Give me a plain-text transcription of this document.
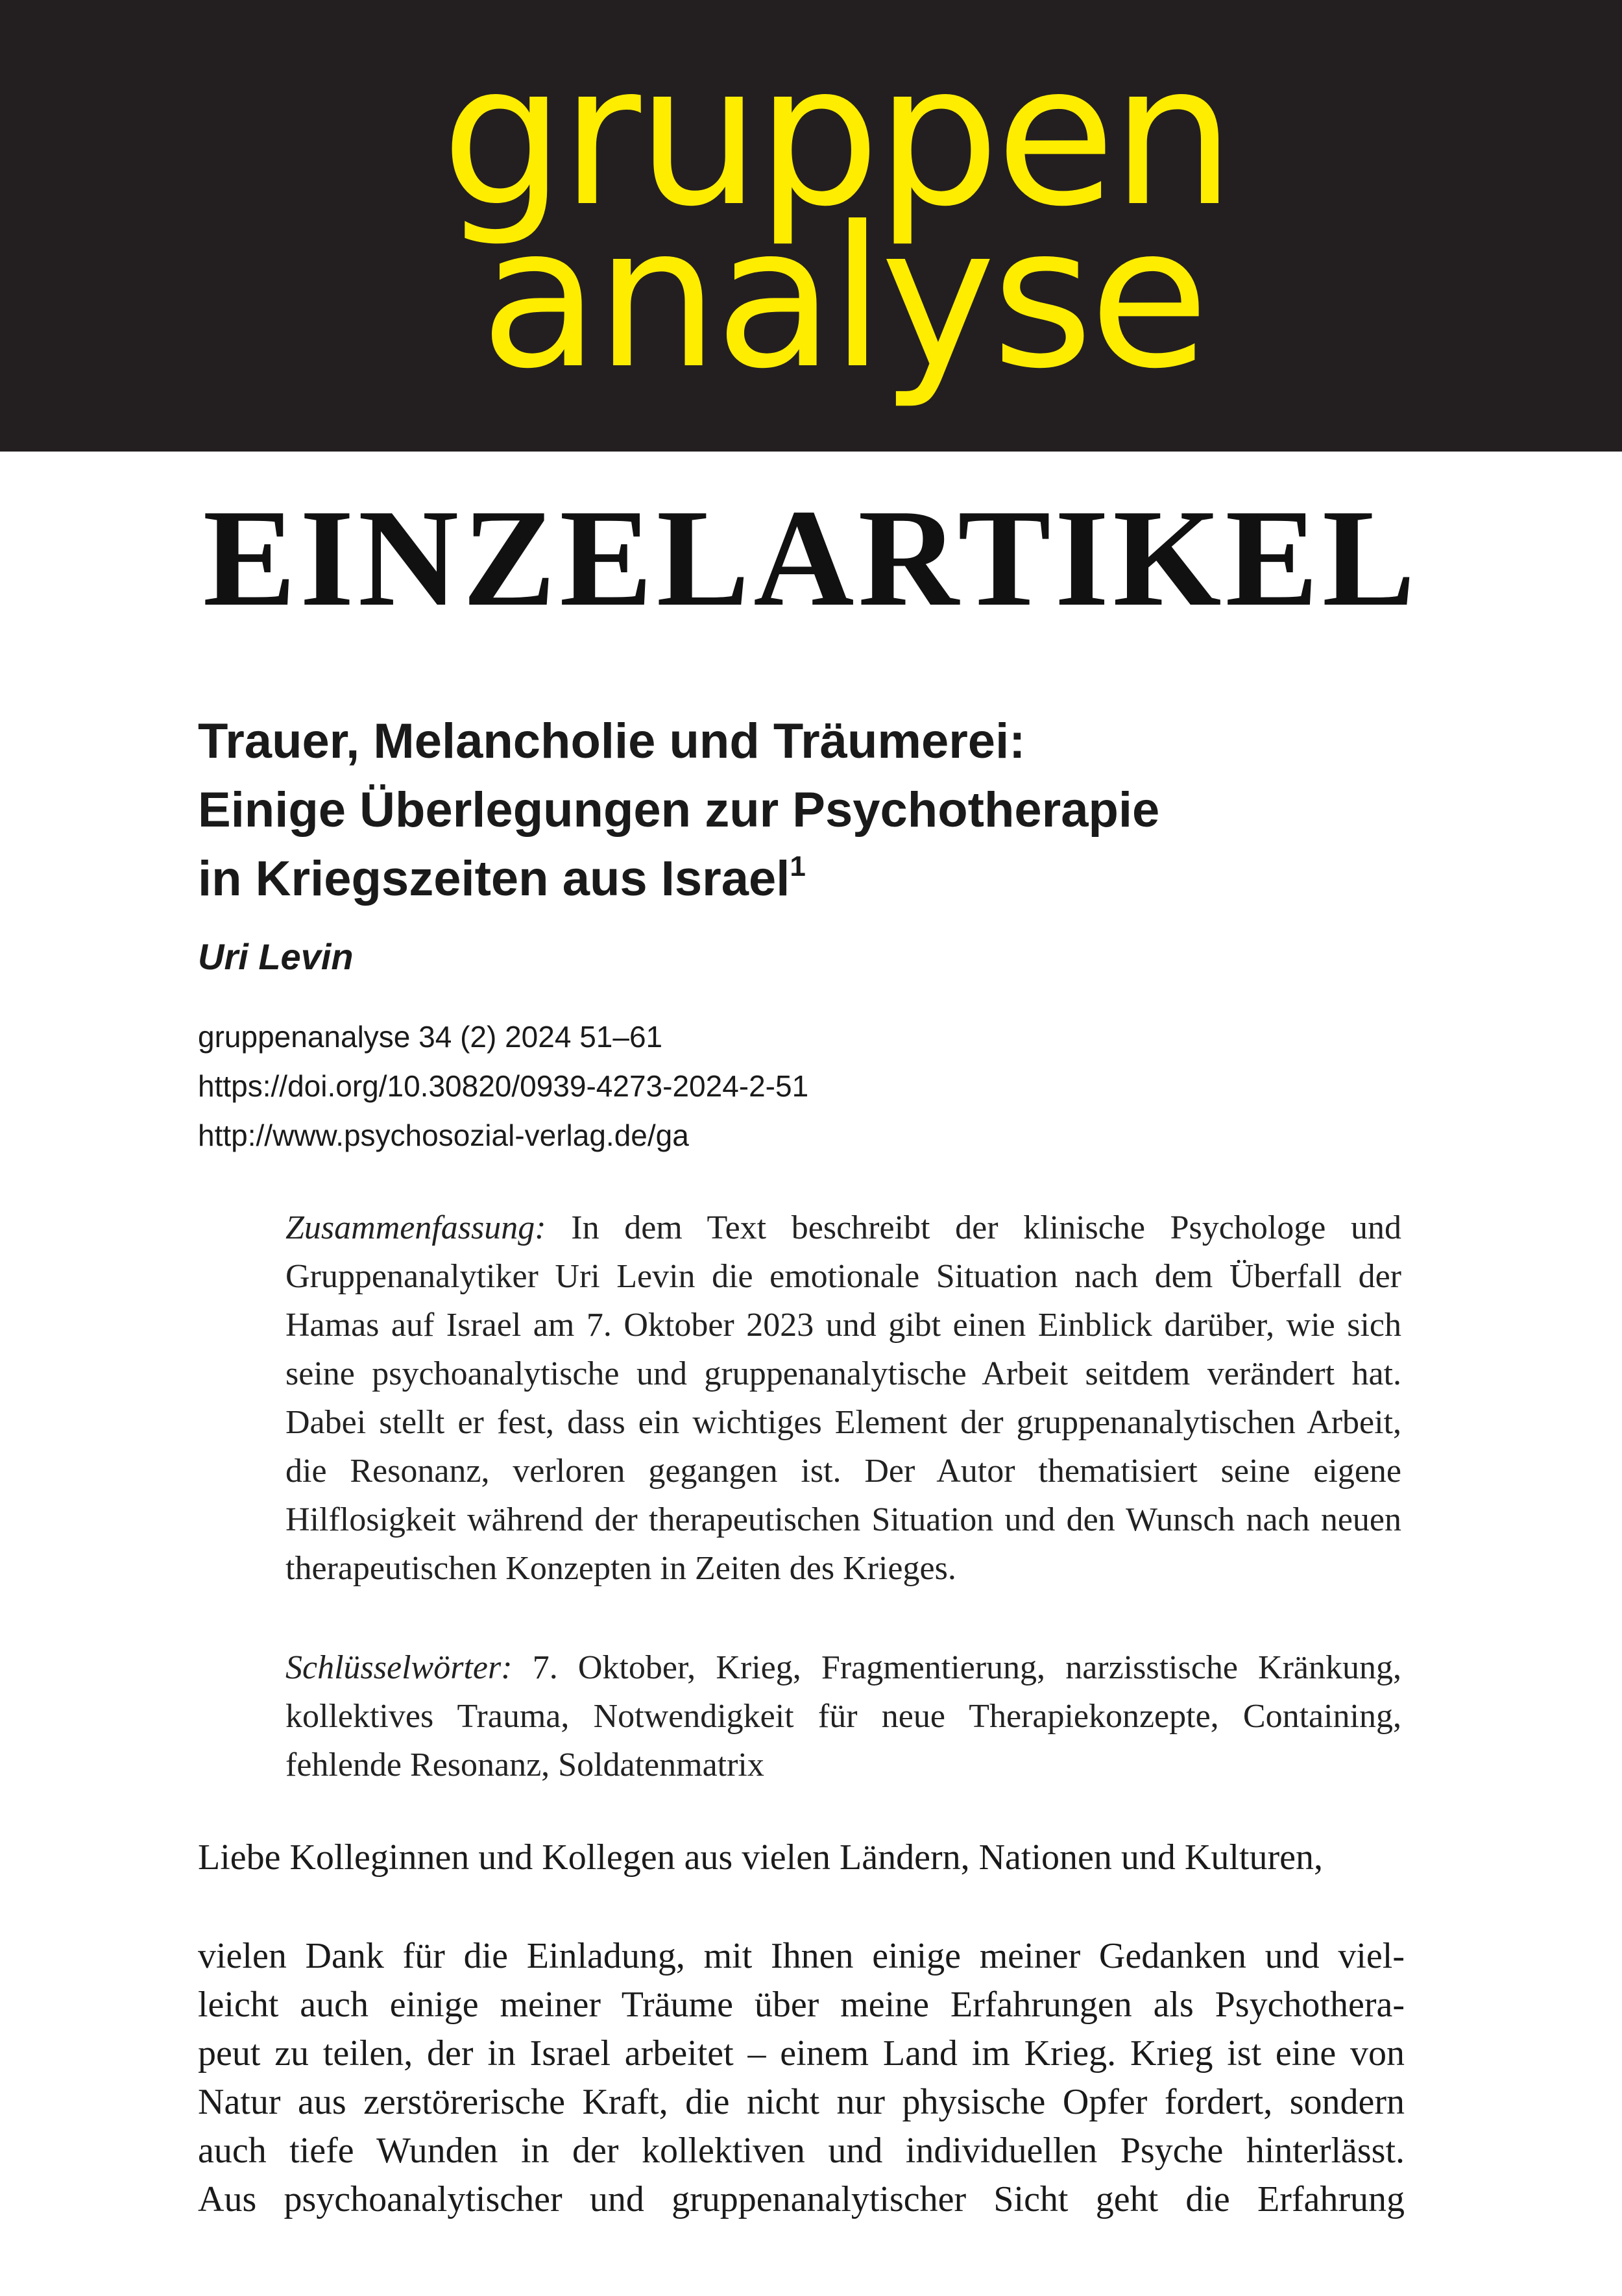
gruppen
analyse
EINZELARTIKEL
Trauer, Melancholie und Träumerei:
Einige Überlegungen zur Psychotherapie
in Kriegszeiten aus Israel$^1$
Uri Levin
gruppenanalyse 34 (2) 2024 51–61
https://doi.org/10.30820/0939-4273-2024-2-51
http://www.psychosozial-verlag.de/ga
Zusammenfassung: In dem Text beschreibt der klinische Psychologe und Gruppenanalytiker Uri Levin die emotionale Situation nach dem Überfall der Hamas auf Israel am 7. Oktober 2023 und gibt einen Einblick darüber, wie sich seine psychoanalytische und gruppenanalytische Arbeit seitdem verändert hat. Dabei stellt er fest, dass ein wichtiges Element der gruppenanalytischen Arbeit, die Resonanz, verloren gegangen ist. Der Autor thematisiert seine eigene Hilflosigkeit während der therapeutischen Situation und den Wunsch nach neuen therapeutischen Konzepten in Zeiten des Krieges.
Schlüsselwörter: 7. Oktober, Krieg, Fragmentierung, narzisstische Kränkung, kollektives Trauma, Notwendigkeit für neue Therapiekonzepte, Containing, fehlende Resonanz, Soldatenmatrix
Liebe Kolleginnen und Kollegen aus vielen Ländern, Nationen und Kulturen,
vielen Dank für die Einladung, mit Ihnen einige meiner Gedanken und viel-
leicht auch einige meiner Träume über meine Erfahrungen als Psychothera-
peut zu teilen, der in Israel arbeitet – einem Land im Krieg. Krieg ist eine von
Natur aus zerstörerische Kraft, die nicht nur physische Opfer fordert, sondern
auch tiefe Wunden in der kollektiven und individuellen Psyche hinterlässt.
Aus psychoanalytischer und gruppenanalytischer Sicht geht die Erfahrung
